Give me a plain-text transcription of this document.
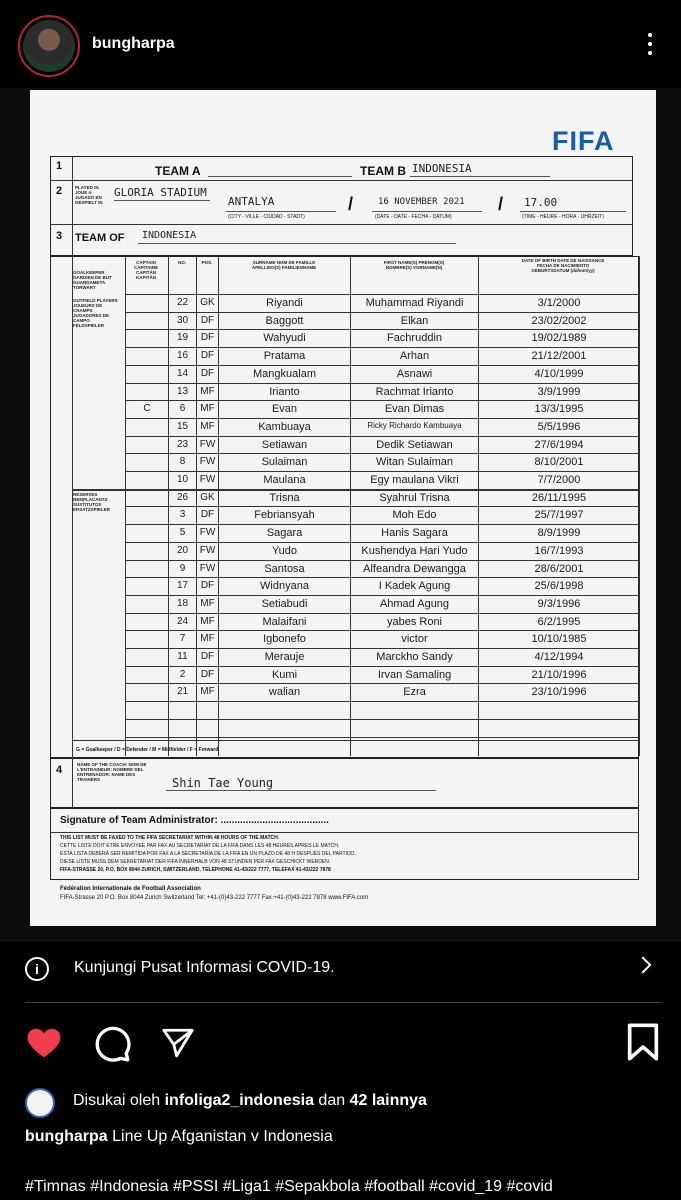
bungharpa
FIFA
1
2
3
TEAM A	TEAM B INDONESIA
PLAYED IN JOUE A JUGADO EN GESPIELT IN
GLORIA STADIUM
ANTALYA
(CITY - VILLE - CIUDAD - STADT)
/	16 NOVEMBER 2021
(DATE - DATE - FECHA - DATUM)
/ 17.00
(TIME - HEURE - HORA - UHRZEIT)
TEAM OF INDONESIA
CAPTAIN CAPITAINE CAPITÁN KAPITÄN
NO.	POS.	SURNAME NOM DE FAMILLE APELLIDO(S) FAMILIENNAME
FIRST NAME(S) PRENOM(S) NOMBRE(S) VORNAME(N)
DATE OF BIRTH DATE DE NAISSANCE FECHA DE NACIMIENTO GEBURTSDATUM (dd/mm/yy)
GOALKEEPER GARDIEN DE BUT GUARDAMETA TORWART
OUTFIELD PLAYERS JOUEURS DE CHAMPS JUGADORES DE CAMPO FELDSPIELER
RESERVES REMPLACANTS SUSTITUTOS ERSATZSPIELER
22	GK	Riyandi	Muhammad Riyandi	3/1/2000
30	DF	Baggott	Elkan	23/02/2002
19	DF	Wahyudi	Fachruddin	19/02/1989
16	DF	Pratama	Arhan	21/12/2001
14	DF	Mangkualam	Asnawi	4/10/1999
13	MF	Irianto	Rachmat Irianto	3/9/1999
C	6	MF	Evan	Evan Dimas	13/3/1995
15	MF	Kambuaya	Ricky Richardo Kambuaya	5/5/1996
23	FW	Setiawan	Dedik Setiawan	27/6/1994
8	FW	Sulaiman	Witan Sulaiman	8/10/2001
10	FW	Maulana	Egy maulana Vikri	7/7/2000
26	GK	Trisna	Syahrul Trisna	26/11/1995
3	DF	Febriansyah	Moh Edo	25/7/1997
5	FW	Sagara	Hanis Sagara	8/9/1999
20	FW	Yudo	Kushendya Hari Yudo	16/7/1993
9	FW	Santosa	Alfeandra Dewangga	28/6/2001
17	DF	Widnyana	I Kadek Agung	25/6/1998
18	MF	Setiabudi	Ahmad Agung	9/3/1996
24	MF	Malaifani	yabes Roni	6/2/1995
7	MF	Igbonefo	victor	10/10/1985
11	DF	Merauje	Marckho Sandy	4/12/1994
2	DF	Kumi	Irvan Samaling	21/10/1996
21	MF	walian	Ezra	23/10/1996
G = Goalkeeper / D = Defender / M = Midfielder / F = Forward
4	NAME OF THE COACH: NOM DE L'ENTRAINEUR: NOMBRE DEL ENTRENADOR: NAME DES TRAINERS	Shin Tae Young
Signature of Team Administrator: .......................................
THIS LIST MUST BE FAXED TO THE FIFA SECRETARIAT WITHIN 48 HOURS OF THE MATCH.
CETTE LISTE DOIT ETRE ENVOYEE PAR FAX AU SECRETARIAT DE LA FIFA DANS LES 48 HEURES APRES LE MATCH.
ESTA LISTA DEBERÁ SER REMITIDA POR FAX A LA SECRETARÍA DE LA FIFA EN UN PLAZO DE 48 H DESPUÉS DEL PARTIDO.
DIESE LISTE MUSS DEM SEKRETARIAT DER FIFA INNERHALB VON 48 STUNDEN PER FAX GESCHICKT WERDEN.
FIFA-STRASSE 20, P.O. BOX 8044 ZURICH, SWITZERLAND, TELEPHONE 41-43/222 7777, TELEFAX 41-43/222 7878
Fédération Internationale de Football Association
FIFA-Strasse 20 P.O. Box 8044 Zurich Switzerland Tel: +41-(0)43-222 7777 Fax +41-(0)43-222 7878 www.FIFA.com
i	Kunjungi Pusat Informasi COVID-19.
Disukai oleh infoliga2_indonesia dan 42 lainnya
bungharpa Line Up Afganistan v Indonesia
#Timnas #Indonesia #PSSI #Liga1 #Sepakbola #football #covid_19 #covid
